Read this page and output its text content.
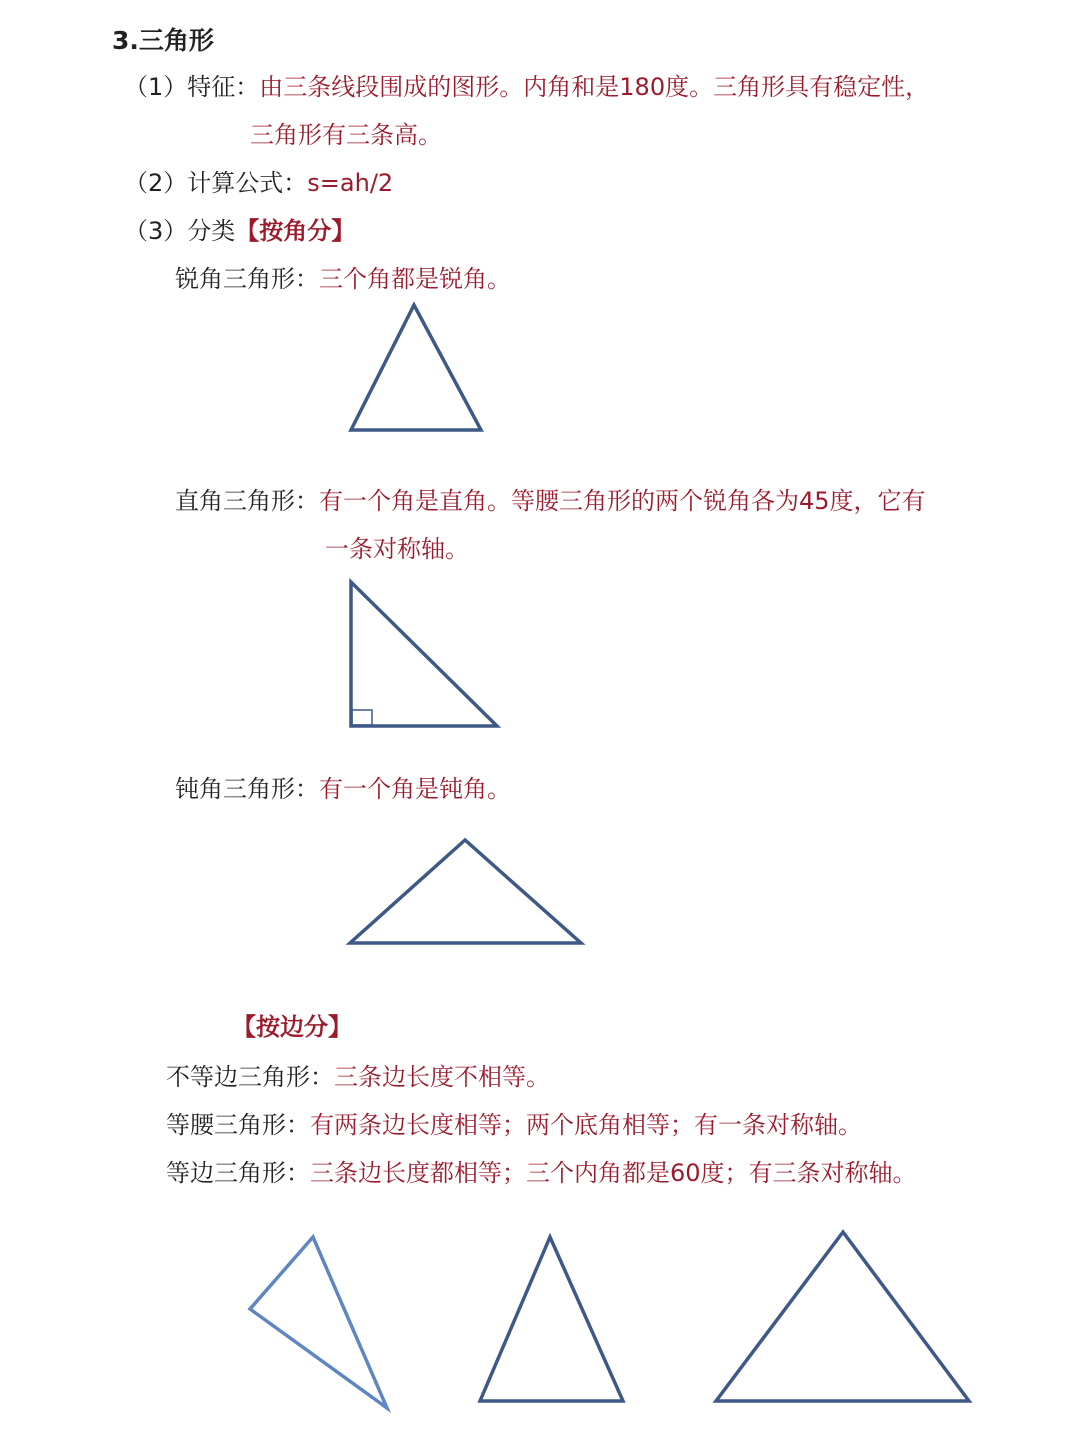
3.三角形
（1）特征：由三条线段围成的图形。内角和是180度。三角形具有稳定性，
三角形有三条高。
（2）计算公式：s=ah/2
（3）分类【按角分】
锐角三角形：三个角都是锐角。
直角三角形：有一个角是直角。等腰三角形的两个锐角各为45度，它有
一条对称轴。
钝角三角形：有一个角是钝角。
【按边分】
不等边三角形：三条边长度不相等。
等腰三角形：有两条边长度相等；两个底角相等；有一条对称轴。
等边三角形：三条边长度都相等；三个内角都是60度；有三条对称轴。
